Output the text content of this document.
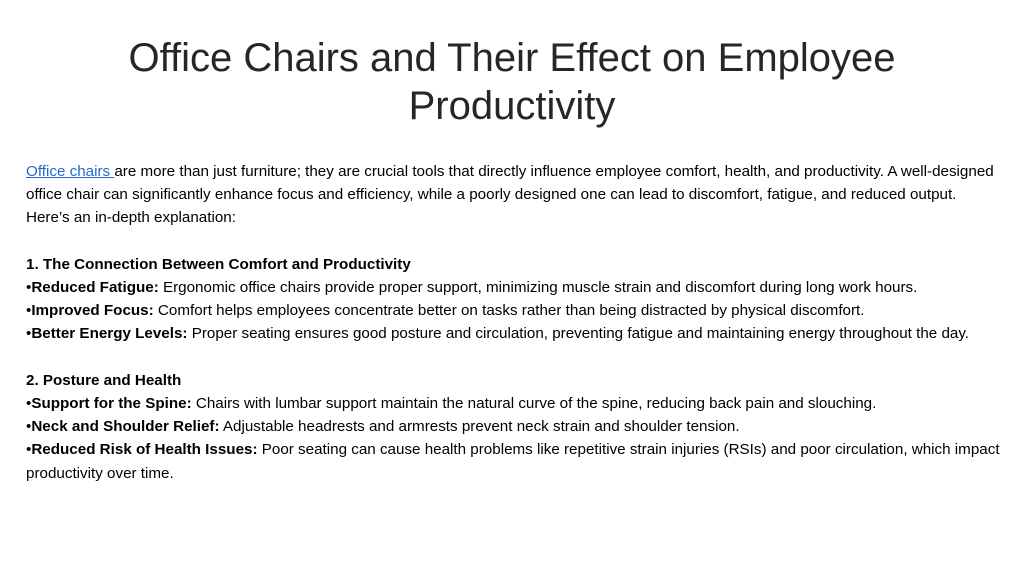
Office Chairs and Their Effect on Employee Productivity

Office chairs are more than just furniture; they are crucial tools that directly influence employee comfort, health, and productivity. A well-designed office chair can significantly enhance focus and efficiency, while a poorly designed one can lead to discomfort, fatigue, and reduced output. Here’s an in-depth explanation:

1. The Connection Between Comfort and Productivity

•Reduced Fatigue: Ergonomic office chairs provide proper support, minimizing muscle strain and discomfort during long work hours.

•Improved Focus: Comfort helps employees concentrate better on tasks rather than being distracted by physical discomfort.

•Better Energy Levels: Proper seating ensures good posture and circulation, preventing fatigue and maintaining energy throughout the day.

2. Posture and Health

•Support for the Spine: Chairs with lumbar support maintain the natural curve of the spine, reducing back pain and slouching.

•Neck and Shoulder Relief: Adjustable headrests and armrests prevent neck strain and shoulder tension.

•Reduced Risk of Health Issues: Poor seating can cause health problems like repetitive strain injuries (RSIs) and poor circulation, which impact productivity over time.
